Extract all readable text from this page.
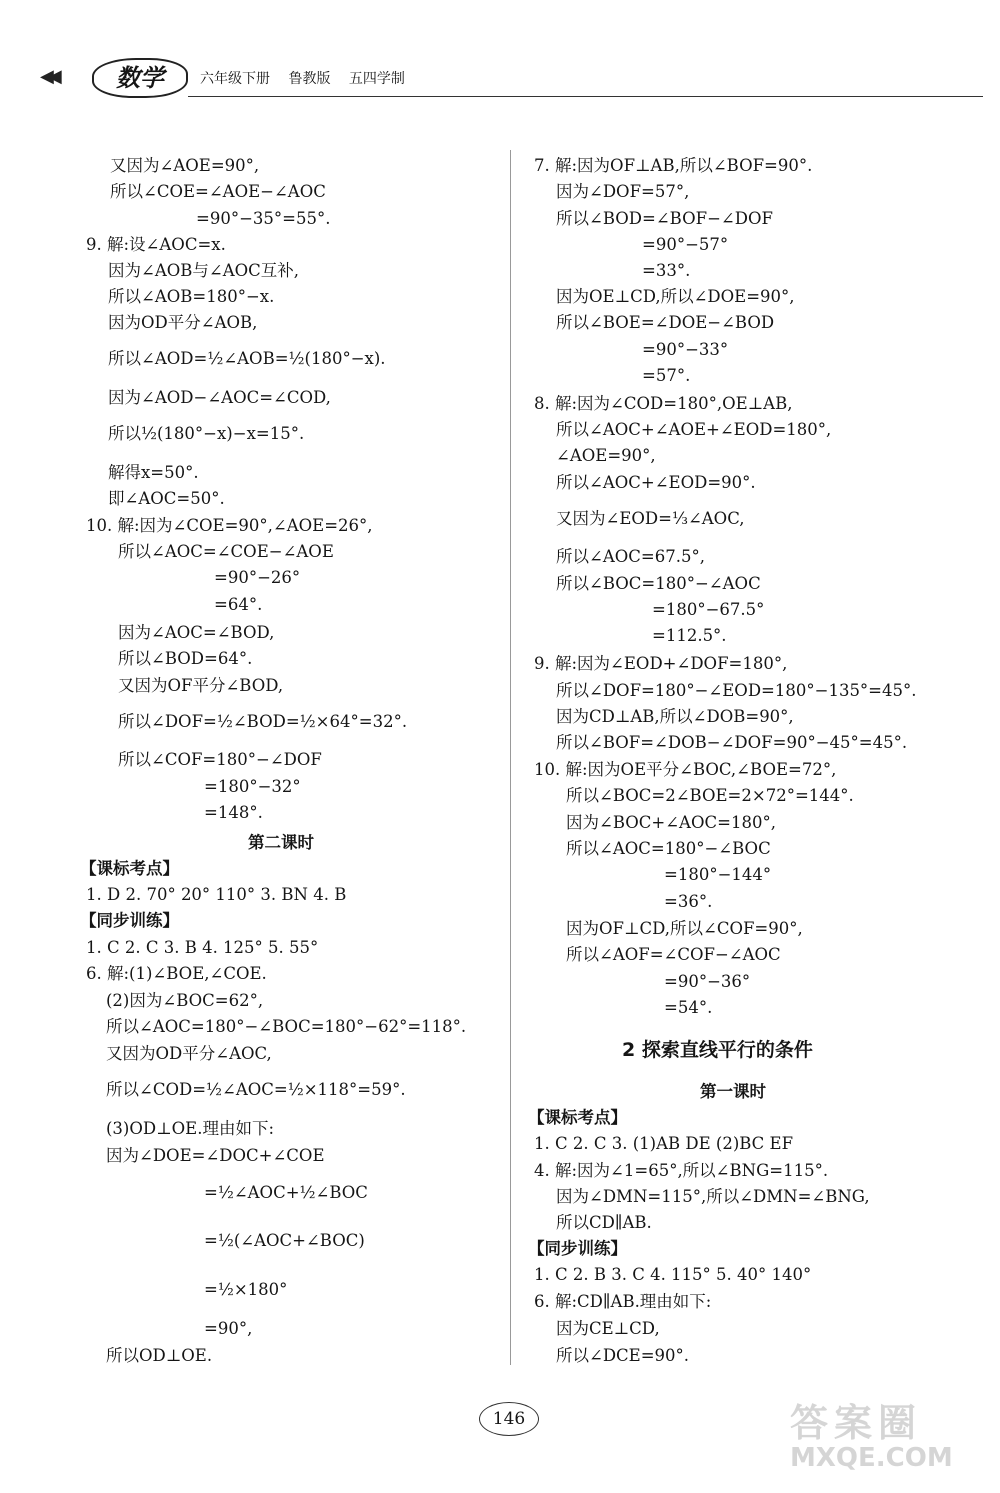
◀◀	数学	六年级下册 鲁教版 五四学制
又因为∠AOE=90°,
所以∠COE=∠AOE−∠AOC
=90°−35°=55°.
9. 解:设∠AOC=x.
因为∠AOB与∠AOC互补,
所以∠AOB=180°−x.
因为OD平分∠AOB,
所以∠AOD=½∠AOB=½(180°−x).
因为∠AOD−∠AOC=∠COD,
所以½(180°−x)−x=15°.
解得x=50°.
即∠AOC=50°.
10. 解:因为∠COE=90°,∠AOE=26°,
所以∠AOC=∠COE−∠AOE
=90°−26°
=64°.
因为∠AOC=∠BOD,
所以∠BOD=64°.
又因为OF平分∠BOD,
所以∠DOF=½∠BOD=½×64°=32°.
所以∠COF=180°−∠DOF
=180°−32°
=148°.
第二课时
【课标考点】
1. D 2. 70° 20° 110° 3. BN 4. B
【同步训练】
1. C 2. C 3. B 4. 125° 5. 55°
6. 解:(1)∠BOE,∠COE.
(2)因为∠BOC=62°,
所以∠AOC=180°−∠BOC=180°−62°=118°.
又因为OD平分∠AOC,
所以∠COD=½∠AOC=½×118°=59°.
(3)OD⊥OE.理由如下:
因为∠DOE=∠DOC+∠COE
=½∠AOC+½∠BOC
=½(∠AOC+∠BOC)
=½×180°
=90°,
所以OD⊥OE.
7. 解:因为OF⊥AB,所以∠BOF=90°.
因为∠DOF=57°,
所以∠BOD=∠BOF−∠DOF
=90°−57°
=33°.
因为OE⊥CD,所以∠DOE=90°,
所以∠BOE=∠DOE−∠BOD
=90°−33°
=57°.
8. 解:因为∠COD=180°,OE⊥AB,
所以∠AOC+∠AOE+∠EOD=180°,
∠AOE=90°,
所以∠AOC+∠EOD=90°.
又因为∠EOD=⅓∠AOC,
所以∠AOC=67.5°,
所以∠BOC=180°−∠AOC
=180°−67.5°
=112.5°.
9. 解:因为∠EOD+∠DOF=180°,
所以∠DOF=180°−∠EOD=180°−135°=45°.
因为CD⊥AB,所以∠DOB=90°,
所以∠BOF=∠DOB−∠DOF=90°−45°=45°.
10. 解:因为OE平分∠BOC,∠BOE=72°,
所以∠BOC=2∠BOE=2×72°=144°.
因为∠BOC+∠AOC=180°,
所以∠AOC=180°−∠BOC
=180°−144°
=36°.
因为OF⊥CD,所以∠COF=90°,
所以∠AOF=∠COF−∠AOC
=90°−36°
=54°.
2 探索直线平行的条件
第一课时
【课标考点】
1. C 2. C 3. (1)AB DE (2)BC EF
4. 解:因为∠1=65°,所以∠BNG=115°.
因为∠DMN=115°,所以∠DMN=∠BNG,
所以CD∥AB.
【同步训练】
1. C 2. B 3. C 4. 115° 5. 40° 140°
6. 解:CD∥AB.理由如下:
因为CE⊥CD,
所以∠DCE=90°.
146	答案圈
MXQE.COM
